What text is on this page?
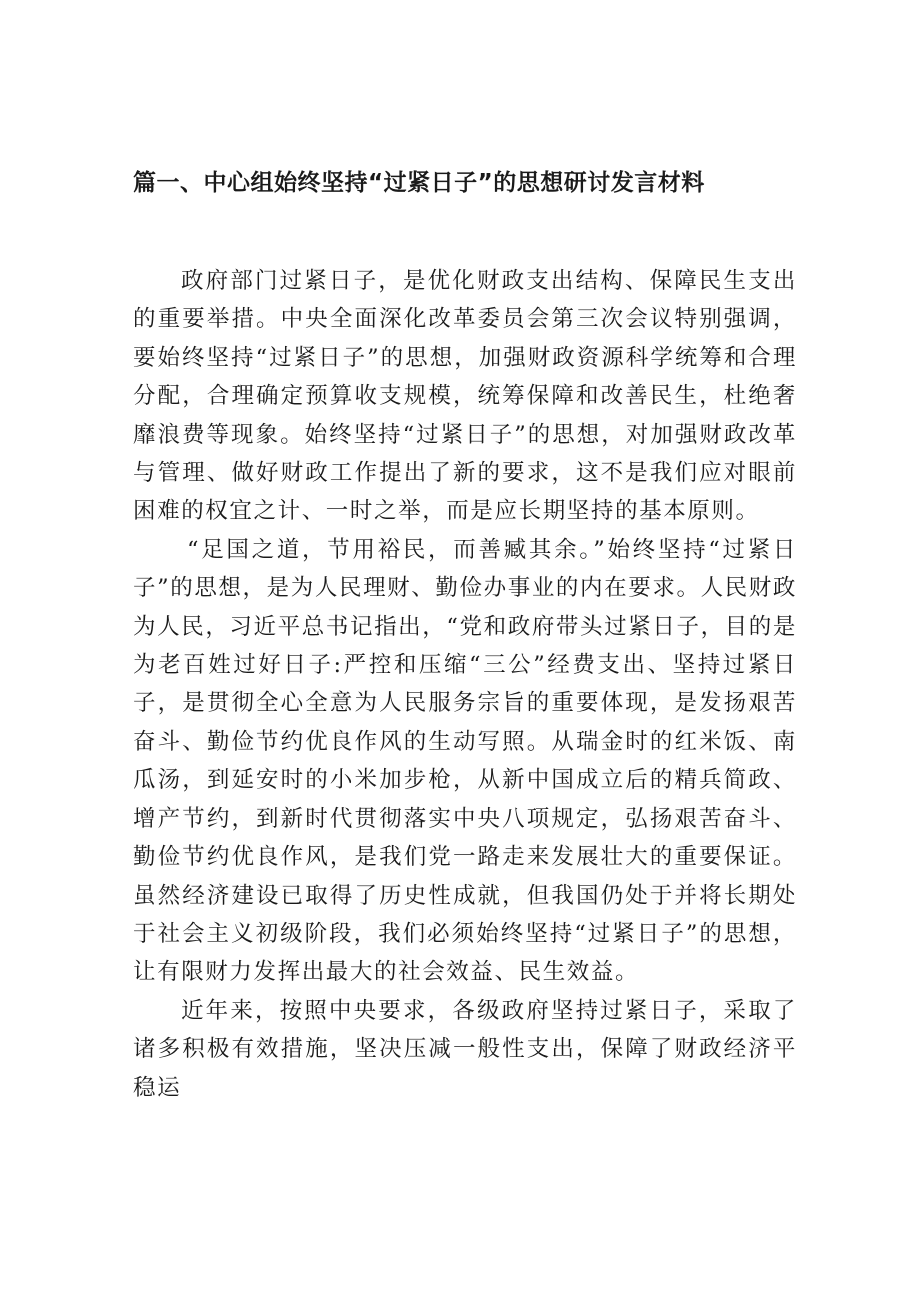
篇一、中心组始终坚持“过紧日子”的思想研讨发言材料

政府部门过紧日子，是优化财政支出结构、保障民生支出的重要举措。中央全面深化改革委员会第三次会议特别强调，要始终坚持“过紧日子”的思想，加强财政资源科学统筹和合理分配，合理确定预算收支规模，统筹保障和改善民生，杜绝奢靡浪费等现象。始终坚持“过紧日子”的思想，对加强财政改革与管理、做好财政工作提出了新的要求，这不是我们应对眼前困难的权宜之计、一时之举，而是应长期坚持的基本原则。

“足国之道，节用裕民，而善臧其余。”始终坚持“过紧日子”的思想，是为人民理财、勤俭办事业的内在要求。人民财政为人民，习近平总书记指出，“党和政府带头过紧日子，目的是为老百姓过好日子:严控和压缩“三公”经费支出、坚持过紧日子，是贯彻全心全意为人民服务宗旨的重要体现，是发扬艰苦奋斗、勤俭节约优良作风的生动写照。从瑞金时的红米饭、南瓜汤，到延安时的小米加步枪，从新中国成立后的精兵简政、增产节约，到新时代贯彻落实中央八项规定，弘扬艰苦奋斗、勤俭节约优良作风，是我们党一路走来发展壮大的重要保证。虽然经济建设已取得了历史性成就，但我国仍处于并将长期处于社会主义初级阶段，我们必须始终坚持“过紧日子”的思想，让有限财力发挥出最大的社会效益、民生效益。

近年来，按照中央要求，各级政府坚持过紧日子，采取了诸多积极有效措施，坚决压减一般性支出，保障了财政经济平稳运
